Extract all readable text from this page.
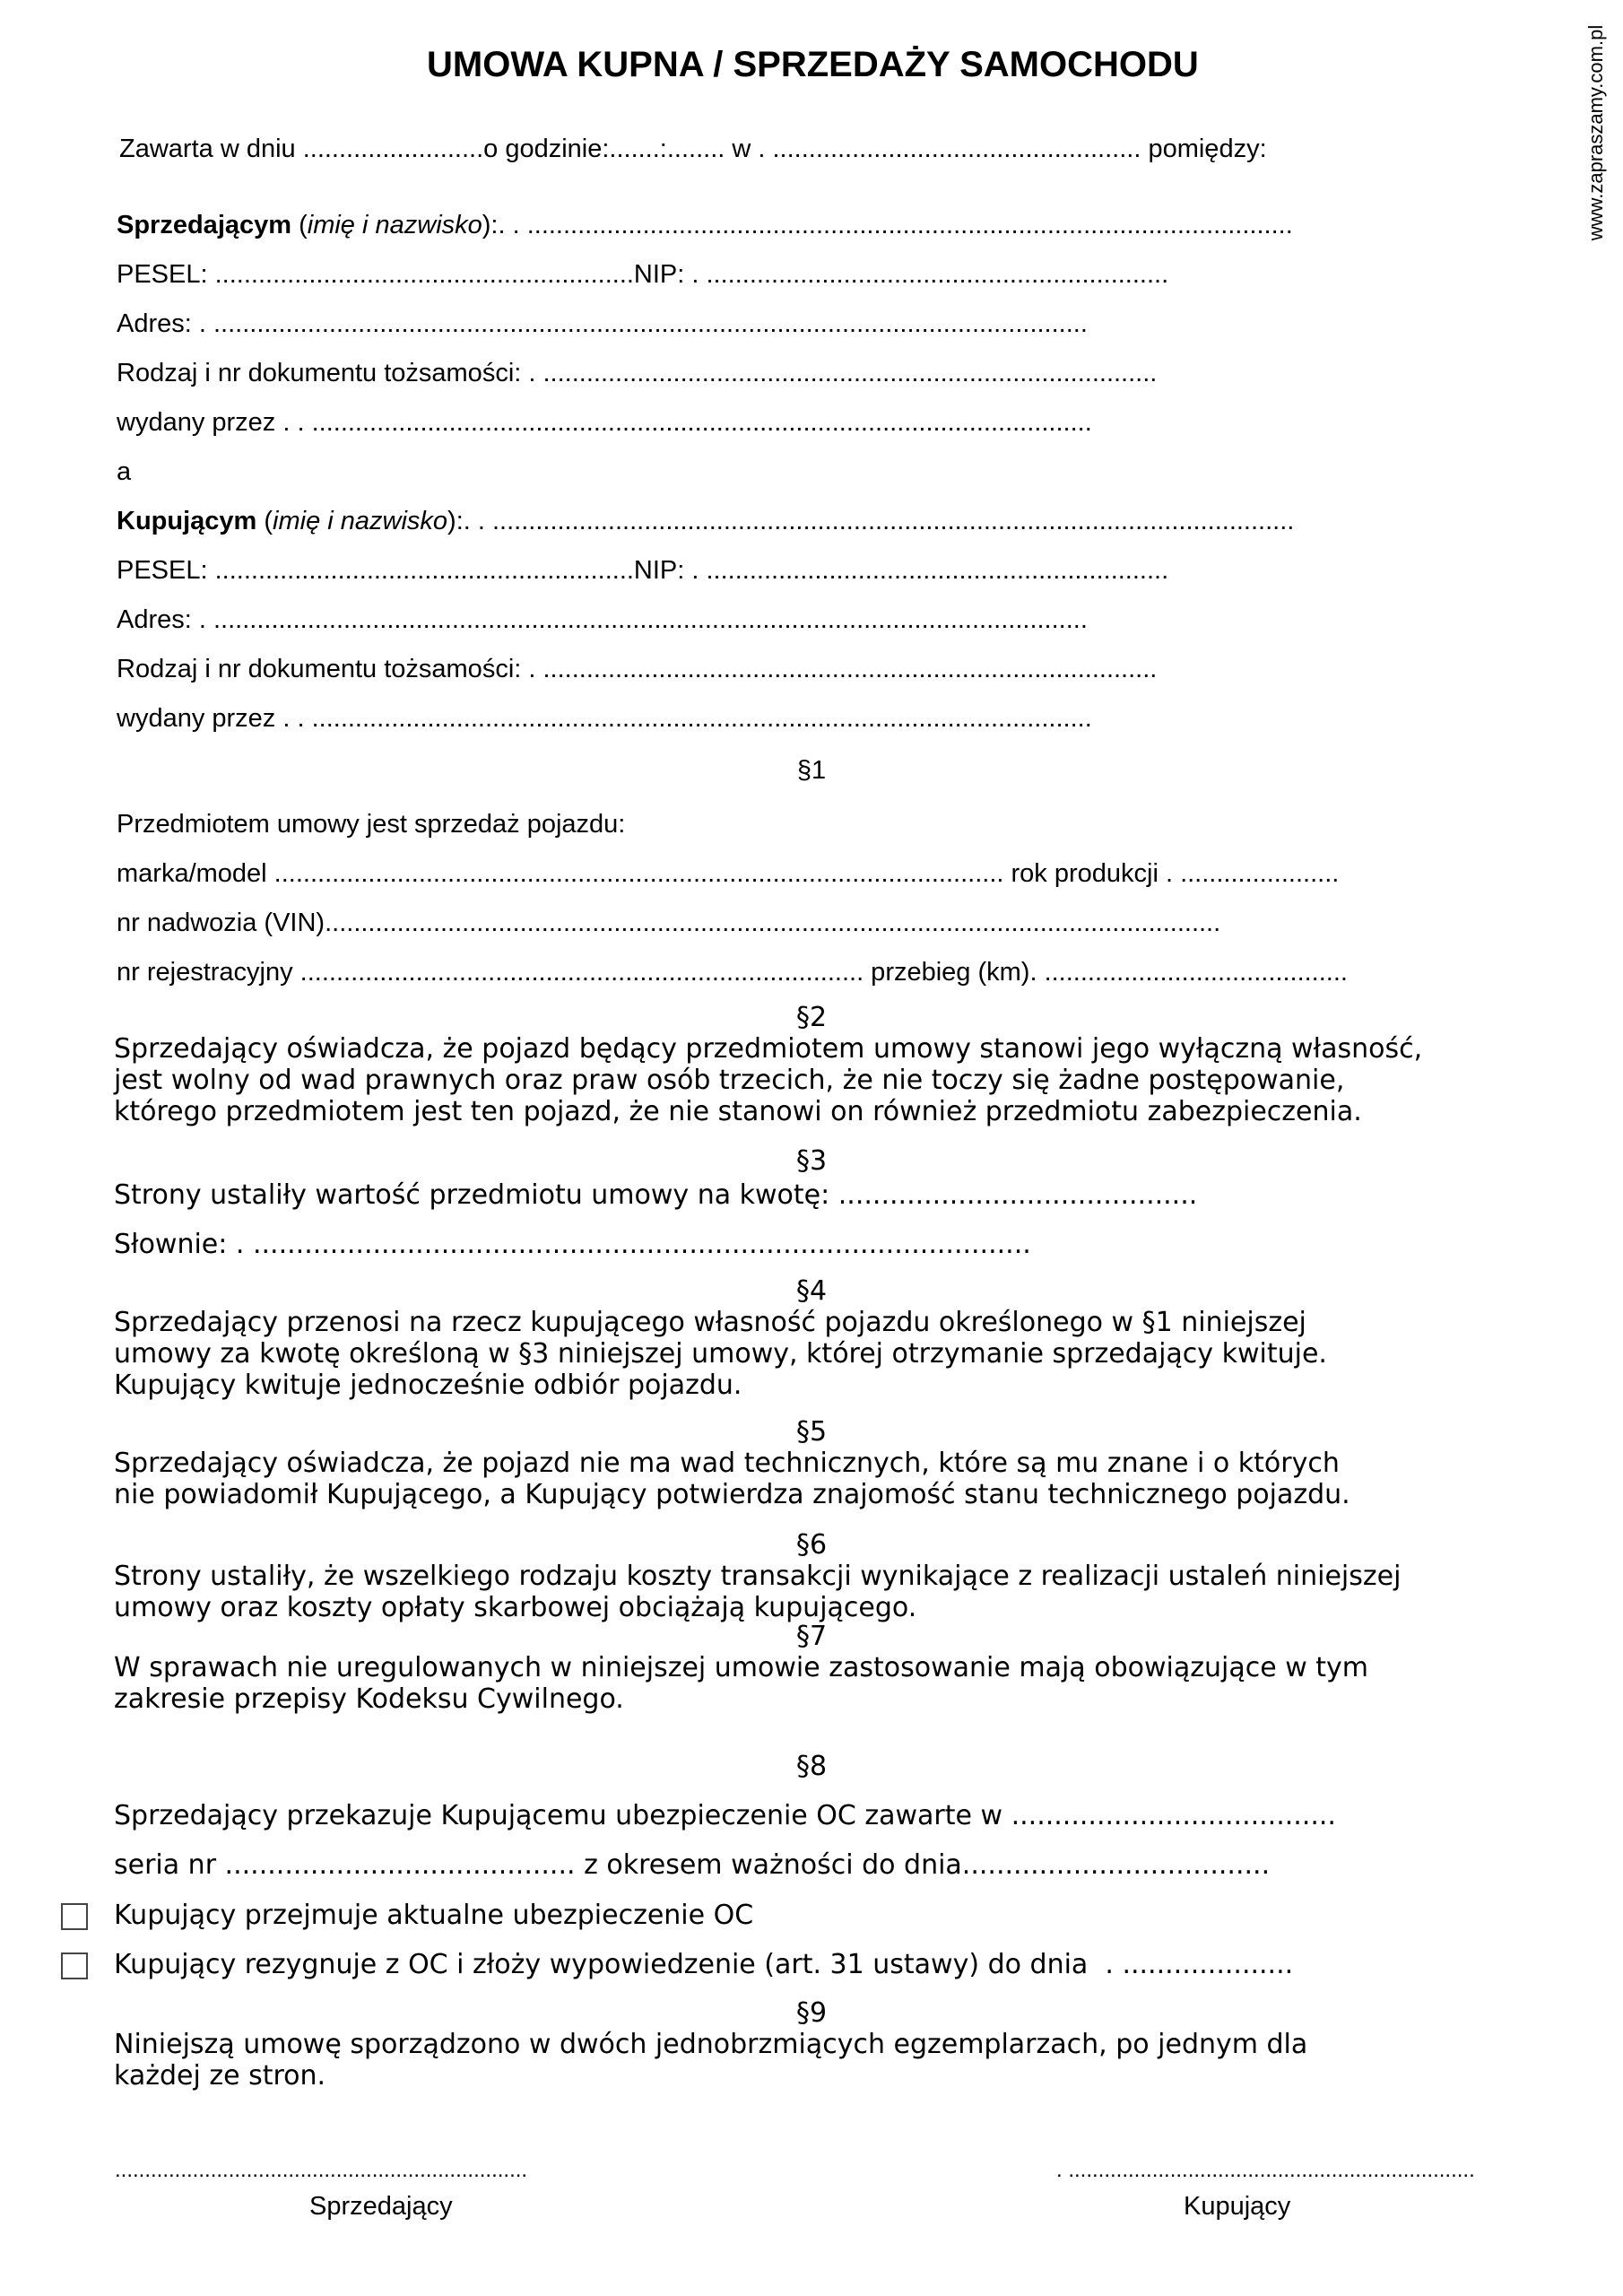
www.zapraszamy.com.pl
UMOWA KUPNA / SPRZEDAŻY SAMOCHODU
Zawarta w dniu .........................o godzinie:.......:........ w . ................................................... pomiędzy:
Sprzedającym (imię i nazwisko):. . ..........................................................................................................
PESEL: ..........................................................NIP: . ................................................................
Adres: . .........................................................................................................................
Rodzaj i nr dokumentu tożsamości: . .....................................................................................
wydany przez . . ............................................................................................................
a
Kupującym (imię i nazwisko):. . ...............................................................................................................
PESEL: ..........................................................NIP: . ................................................................
Adres: . .........................................................................................................................
Rodzaj i nr dokumentu tożsamości: . .....................................................................................
wydany przez . . ............................................................................................................
§1
Przedmiotem umowy jest sprzedaż pojazdu:
marka/model ..................................................................................................... rok produkcji . ......................
nr nadwozia (VIN)............................................................................................................................
nr rejestracyjny .............................................................................. przebieg (km). ..........................................
§2
Sprzedający oświadcza, że pojazd będący przedmiotem umowy stanowi jego wyłączną własność,
jest wolny od wad prawnych oraz praw osób trzecich, że nie toczy się żadne postępowanie,
którego przedmiotem jest ten pojazd, że nie stanowi on również przedmiotu zabezpieczenia.
§3
Strony ustaliły wartość przedmiotu umowy na kwotę: ..........................................
Słownie: . ...........................................................................................
§4
Sprzedający przenosi na rzecz kupującego własność pojazdu określonego w §1 niniejszej
umowy za kwotę określoną w §3 niniejszej umowy, której otrzymanie sprzedający kwituje.
Kupujący kwituje jednocześnie odbiór pojazdu.
§5
Sprzedający oświadcza, że pojazd nie ma wad technicznych, które są mu znane i o których
nie powiadomił Kupującego, a Kupujący potwierdza znajomość stanu technicznego pojazdu.
§6
Strony ustaliły, że wszelkiego rodzaju koszty transakcji wynikające z realizacji ustaleń niniejszej
umowy oraz koszty opłaty skarbowej obciążają kupującego.
§7
W sprawach nie uregulowanych w niniejszej umowie zastosowanie mają obowiązujące w tym
zakresie przepisy Kodeksu Cywilnego.
§8
Sprzedający przekazuje Kupującemu ubezpieczenie OC zawarte w ......................................
seria nr ......................................... z okresem ważności do dnia....................................
Kupujący przejmuje aktualne ubezpieczenie OC
Kupujący rezygnuje z OC i złoży wypowiedzenie (art. 31 ustawy) do dnia  . ....................
§9
Niniejszą umowę sporządzono w dwóch jednobrzmiących egzemplarzach, po jednym dla
każdej ze stron.
.....................................................................	. ....................................................................
Sprzedający	Kupujący
